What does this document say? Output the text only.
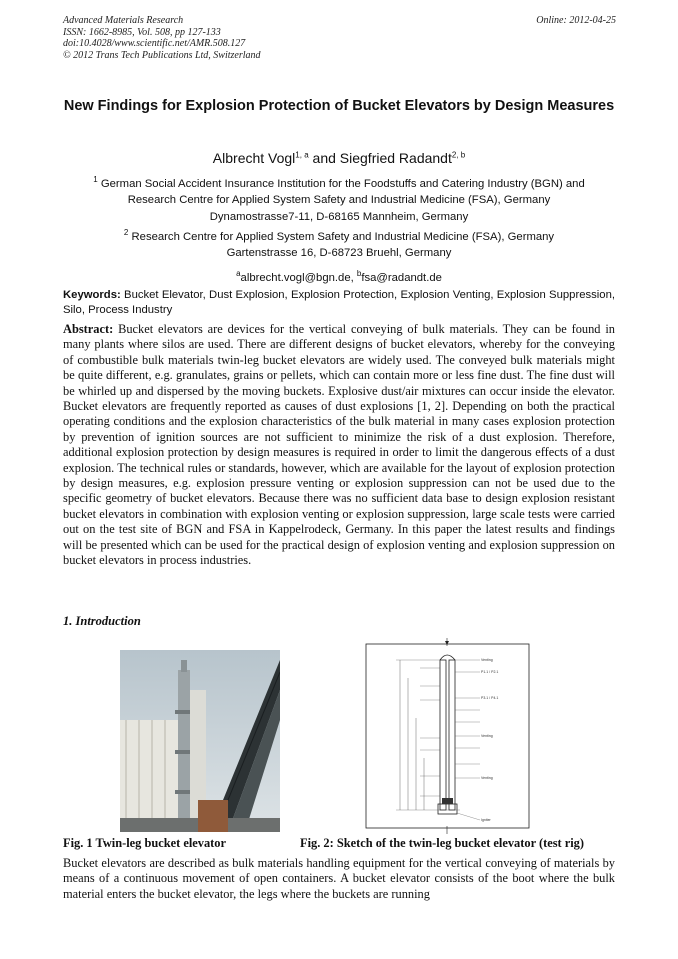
Advanced Materials Research
ISSN: 1662-8985, Vol. 508, pp 127-133
doi:10.4028/www.scientific.net/AMR.508.127
© 2012 Trans Tech Publications Ltd, Switzerland
Online: 2012-04-25
New Findings for Explosion Protection of Bucket Elevators by Design Measures
Albrecht Vogl$^{1, a}$ and Siegfried Radandt$^{2, b}$
$^1$ German Social Accident Insurance Institution for the Foodstuffs and Catering Industry (BGN) and
Research Centre for Applied System Safety and Industrial Medicine (FSA), Germany
Dynamostrasse7-11, D-68165 Mannheim, Germany
$^2$ Research Centre for Applied System Safety and Industrial Medicine (FSA), Germany
Gartenstrasse 16, D-68723 Bruehl, Germany
$^a$albrecht.vogl@bgn.de, $^b$fsa@radandt.de
Keywords: Bucket Elevator, Dust Explosion, Explosion Protection, Explosion Venting, Explosion Suppression, Silo, Process Industry
Abstract: Bucket elevators are devices for the vertical conveying of bulk materials. They can be found in many plants where silos are used. There are different designs of bucket elevators, whereby for the conveying of combustible bulk materials twin-leg bucket elevators are widely used. The conveyed bulk materials might be quite different, e.g. granulates, grains or pellets, which can contain more or less fine dust. The fine dust will be whirled up and dispersed by the moving buckets. Explosive dust/air mixtures can occur inside the elevator. Bucket elevators are frequently reported as causes of dust explosions [1, 2]. Depending on both the practical operating conditions and the explosion characteristics of the bulk material in many cases explosion protection by prevention of ignition sources are not sufficient to minimize the risk of a dust explosion. Therefore, additional explosion protection by design measures is required in order to limit the dangerous effects of a dust explosion. The technical rules or standards, however, which are available for the layout of explosion protection by design measures, e.g. explosion pressure venting or explosion suppression can not be used due to the specific geometry of bucket elevators. Because there was no sufficient data base to design explosion resistant bucket elevators in combination with explosion venting or explosion suppression, large scale tests were carried out on the test site of BGN and FSA in Kappelrodeck, Germany. In this paper the latest results and findings will be presented which can be used for the practical design of explosion venting and explosion suppression on bucket elevators in process industries.
1. Introduction
Venting
Venting
Venting
Igniter
P1.1 / P2.1
P3.1 / P4.1
Fig. 1 Twin-leg bucket elevator	Fig. 2: Sketch of the twin-leg bucket elevator (test rig)
Bucket elevators are described as bulk materials handling equipment for the vertical conveying of materials by means of a continuous movement of open containers. A bucket elevator consists of the boot where the bulk material enters the bucket elevator, the legs where the buckets are running
